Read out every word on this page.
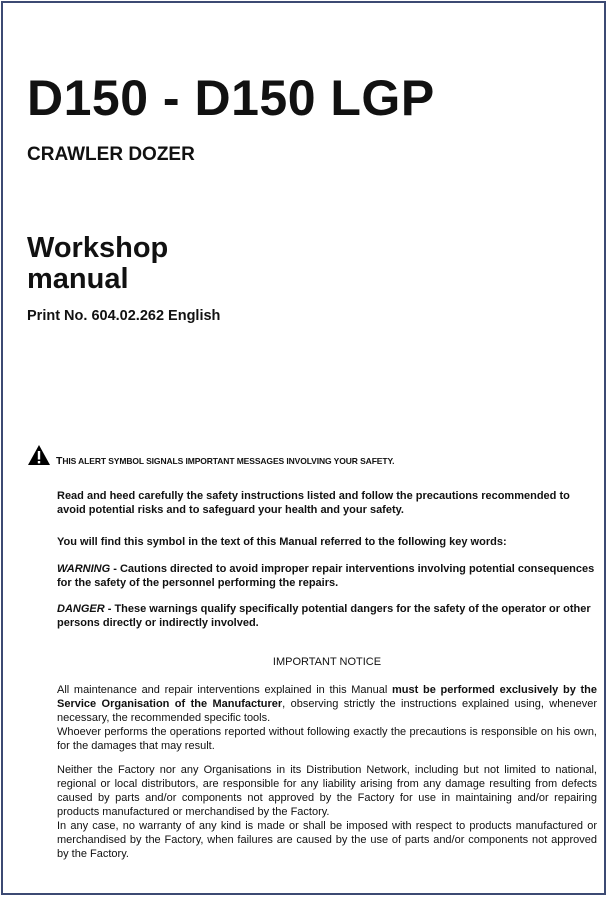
D150 - D150 LGP
CRAWLER DOZER
Workshop
manual
Print No. 604.02.262 English
THIS ALERT SYMBOL SIGNALS IMPORTANT MESSAGES INVOLVING YOUR SAFETY.

Read and heed carefully the safety instructions listed and follow the precautions recommended to avoid potential risks and to safeguard your health and your safety.

You will find this symbol in the text of this Manual referred to the following key words:

WARNING - Cautions directed to avoid improper repair interventions involving potential consequences for the safety of the personnel performing the repairs.

DANGER - These warnings qualify specifically potential dangers for the safety of the operator or other persons directly or indirectly involved.

IMPORTANT NOTICE

All maintenance and repair interventions explained in this Manual must be performed exclusively by the Service Organisation of the Manufacturer, observing strictly the instructions explained using, whenever necessary, the recommended specific tools.
Whoever performs the operations reported without following exactly the precautions is responsible on his own, for the damages that may result.

Neither the Factory nor any Organisations in its Distribution Network, including but not limited to national, regional or local distributors, are responsible for any liability arising from any damage resulting from defects caused by parts and/or components not approved by the Factory for use in maintaining and/or repairing products manufactured or merchandised by the Factory.
In any case, no warranty of any kind is made or shall be imposed with respect to products manufactured or merchandised by the Factory, when failures are caused by the use of parts and/or components not approved by the Factory.
